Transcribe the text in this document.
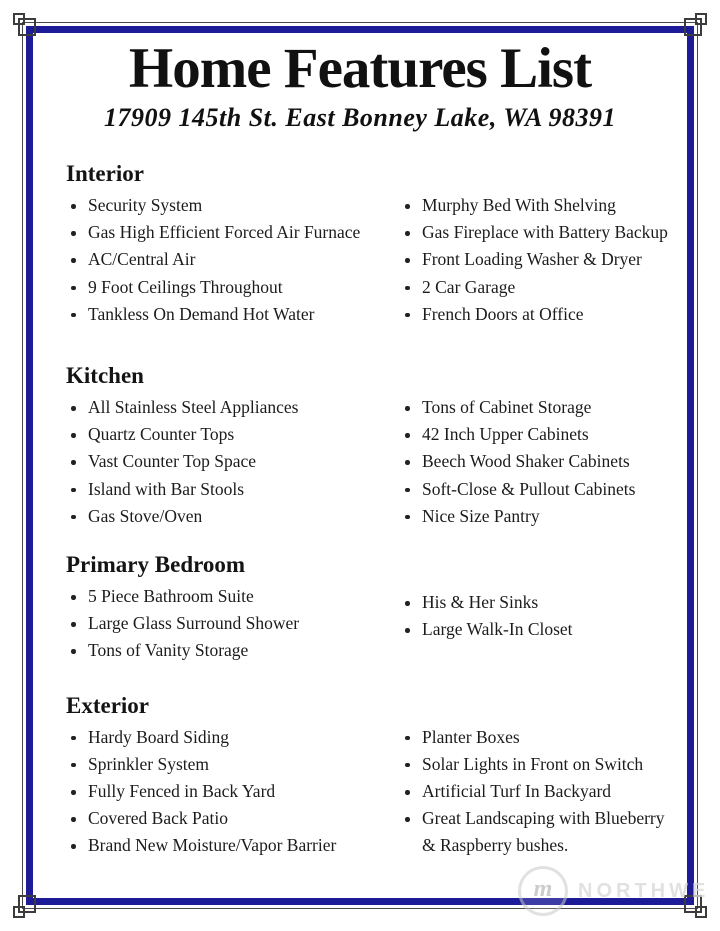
Home Features List

17909 145th St. East Bonney Lake, WA 98391

Interior
Security System
Gas High Efficient Forced Air Furnace
AC/Central Air
9 Foot Ceilings Throughout
Tankless On Demand Hot Water
Murphy Bed With Shelving
Gas Fireplace with Battery Backup
Front Loading Washer & Dryer
2 Car Garage
French Doors at Office
Kitchen
All Stainless Steel Appliances
Quartz Counter Tops
Vast Counter Top Space
Island with Bar Stools
Gas Stove/Oven
Tons of Cabinet Storage
42 Inch Upper Cabinets
Beech Wood Shaker Cabinets
Soft-Close & Pullout Cabinets
Nice Size Pantry
Primary Bedroom
5 Piece Bathroom Suite
Large Glass Surround Shower
Tons of Vanity Storage
His & Her Sinks
Large Walk-In Closet
Exterior
Hardy Board Siding
Sprinkler System
Fully Fenced in Back Yard
Covered Back Patio
Brand New Moisture/Vapor Barrier
Planter Boxes
Solar Lights in Front on Switch
Artificial Turf In Backyard
Great Landscaping with Blueberry & Raspberry bushes.
m NORTHWE
